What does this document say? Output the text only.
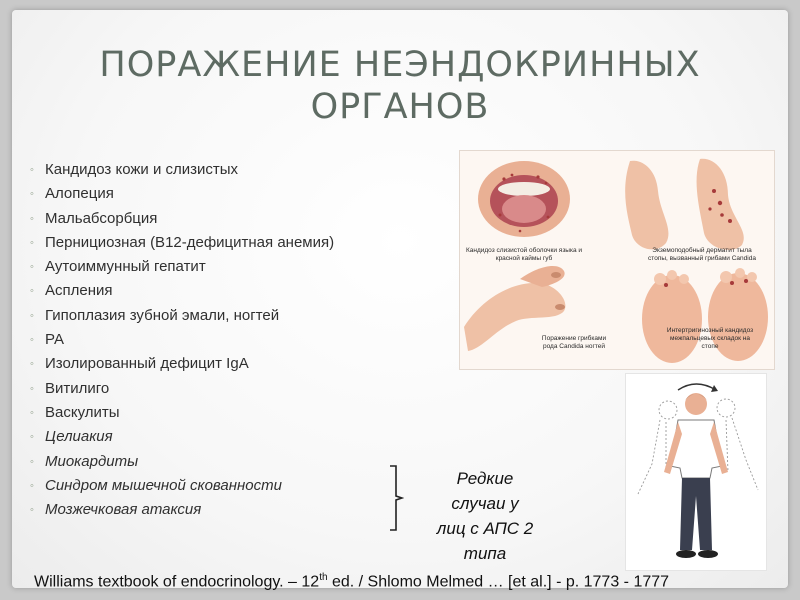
ПОРАЖЕНИЕ НЕЭНДОКРИННЫХ ОРГАНОВ
◦ Кандидоз кожи и слизистых
◦ Алопеция
◦ Мальабсорбция
◦ Пернициозная (B12-дефицитная анемия)
◦ Аутоиммунный гепатит
◦ Аспления
◦ Гипоплазия зубной эмали, ногтей
◦ РА
◦ Изолированный дефицит IgA
◦ Витилиго
◦ Васкулиты
◦ Целиакия
◦ Миокардиты
◦ Синдром мышечной скованности
◦ Мозжечковая атаксия
Редкие
случаи у
лиц с АПС 2
типа
Кандидоз слизистой оболочки языка и
красной каймы губ
Экземоподобный дерматит тыла
стопы, вызванный грибами Candida
Поражение грибками
рода Candida ногтей
Интертригинозный кандидоз
межпальцевых складок на
стопе
Williams textbook of endocrinology. – 12th ed. / Shlomo Melmed … [et al.] - p. 1773 - 1777
